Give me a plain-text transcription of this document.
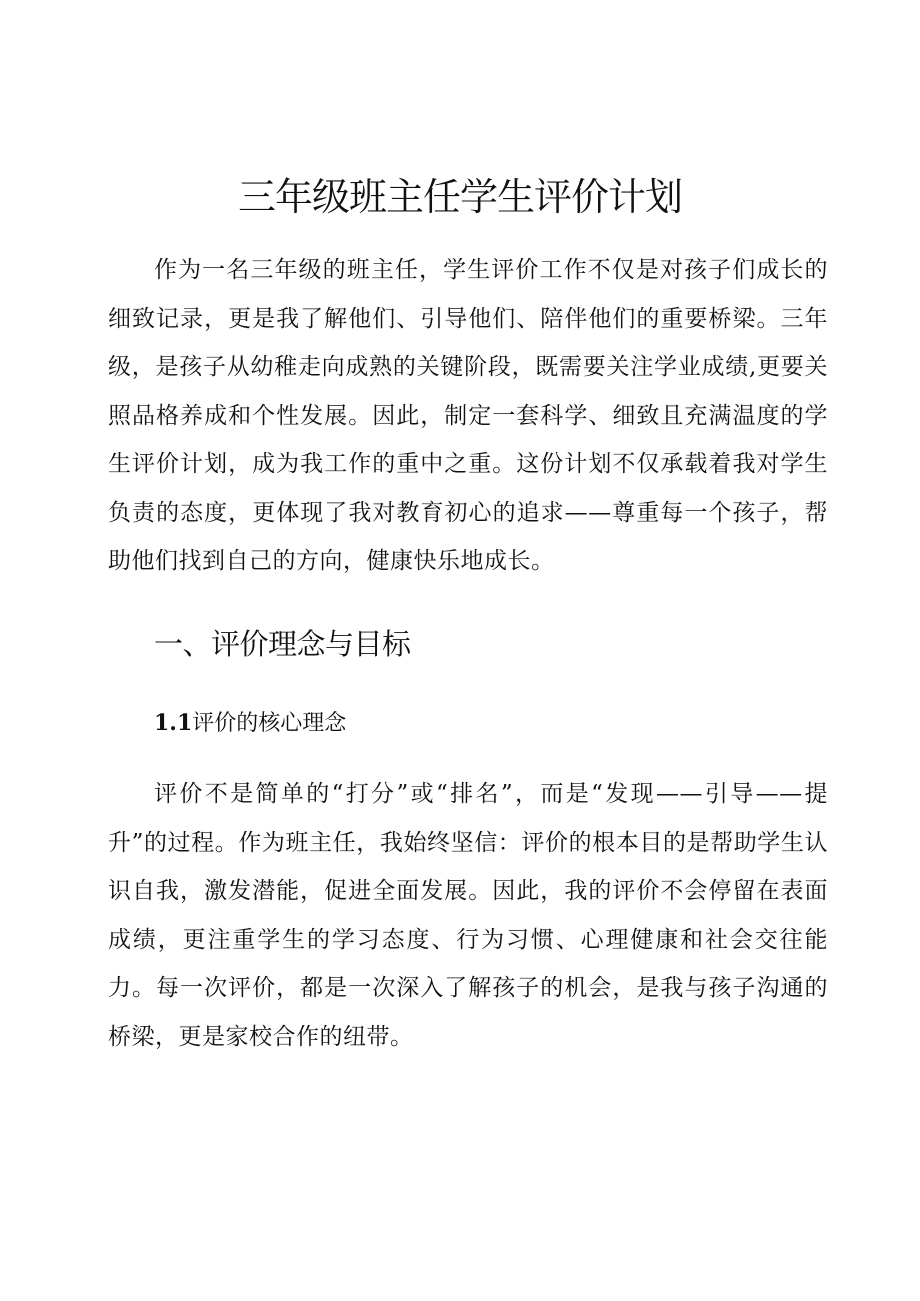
三年级班主任学生评价计划

作为一名三年级的班主任，学生评价工作不仅是对孩子们成长的细致记录，更是我了解他们、引导他们、陪伴他们的重要桥梁。三年级，是孩子从幼稚走向成熟的关键阶段，既需要关注学业成绩,更要关照品格养成和个性发展。因此，制定一套科学、细致且充满温度的学生评价计划，成为我工作的重中之重。这份计划不仅承载着我对学生负责的态度，更体现了我对教育初心的追求——尊重每一个孩子，帮助他们找到自己的方向，健康快乐地成长。

一、评价理念与目标
1.1评价的核心理念

评价不是简单的“打分”或“排名”，而是“发现——引导——提升”的过程。作为班主任，我始终坚信：评价的根本目的是帮助学生认识自我，激发潜能，促进全面发展。因此，我的评价不会停留在表面成绩，更注重学生的学习态度、行为习惯、心理健康和社会交往能力。每一次评价，都是一次深入了解孩子的机会，是我与孩子沟通的桥梁，更是家校合作的纽带。
